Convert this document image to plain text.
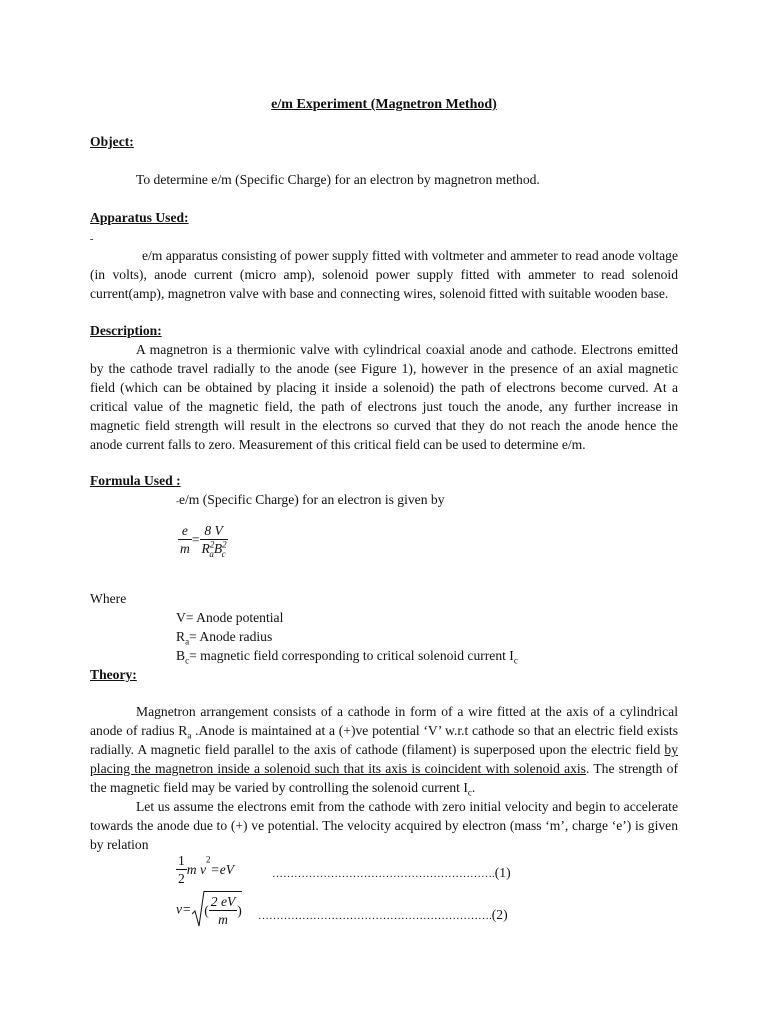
e/m Experiment (Magnetron Method)
Object:
To determine e/m (Specific Charge) for an electron by magnetron method.
Apparatus Used:
-
e/m apparatus consisting of power supply fitted with voltmeter and ammeter to read anode voltage (in volts), anode current (micro amp), solenoid power supply fitted with ammeter to read solenoid current(amp), magnetron valve with base and connecting wires, solenoid fitted with suitable wooden base.
Description:
A magnetron is a thermionic valve with cylindrical coaxial anode and cathode. Electrons emitted by the cathode travel radially to the anode (see Figure 1), however in the presence of an axial magnetic field (which can be obtained by placing it inside a solenoid) the path of electrons become curved. At a critical value of the magnetic field, the path of electrons just touch the anode, any further increase in magnetic field strength will result in the electrons so curved that they do not reach the anode hence the anode current falls to zero. Measurement of this critical field can be used to determine e/m.
Formula Used :
-e/m (Specific Charge) for an electron is given by
$\frac{e}{m} = \frac{8 V}{R^2_aB^2_c}$
Where
V= Anode potential
$R_a=$ Anode radius
$B_c=$ magnetic field corresponding to critical solenoid current $I_c$
Theory:
Magnetron arrangement consists of a cathode in form of a wire fitted at the axis of a cylindrical anode of radius $R_a$ .Anode is maintained at a (+)ve potential ‘V’ w.r.t cathode so that an electric field exists radially. A magnetic field parallel to the axis of cathode (filament) is superposed upon the electric field by placing the magnetron inside a solenoid such that its axis is coincident with solenoid axis. The strength of the magnetic field may be varied by controlling the solenoid current $I_c$.
Let us assume the electrons emit from the cathode with zero initial velocity and begin to accelerate towards the anode due to (+) ve potential. The velocity acquired by electron (mass ‘m’, charge ‘e’) is given by relation
$\frac{1}{2}$ m $v^2=eV$	…………………………………………………….(1)
v= ( $\frac{2 eV}{m}$ ) ……………………………………………………….(2)
